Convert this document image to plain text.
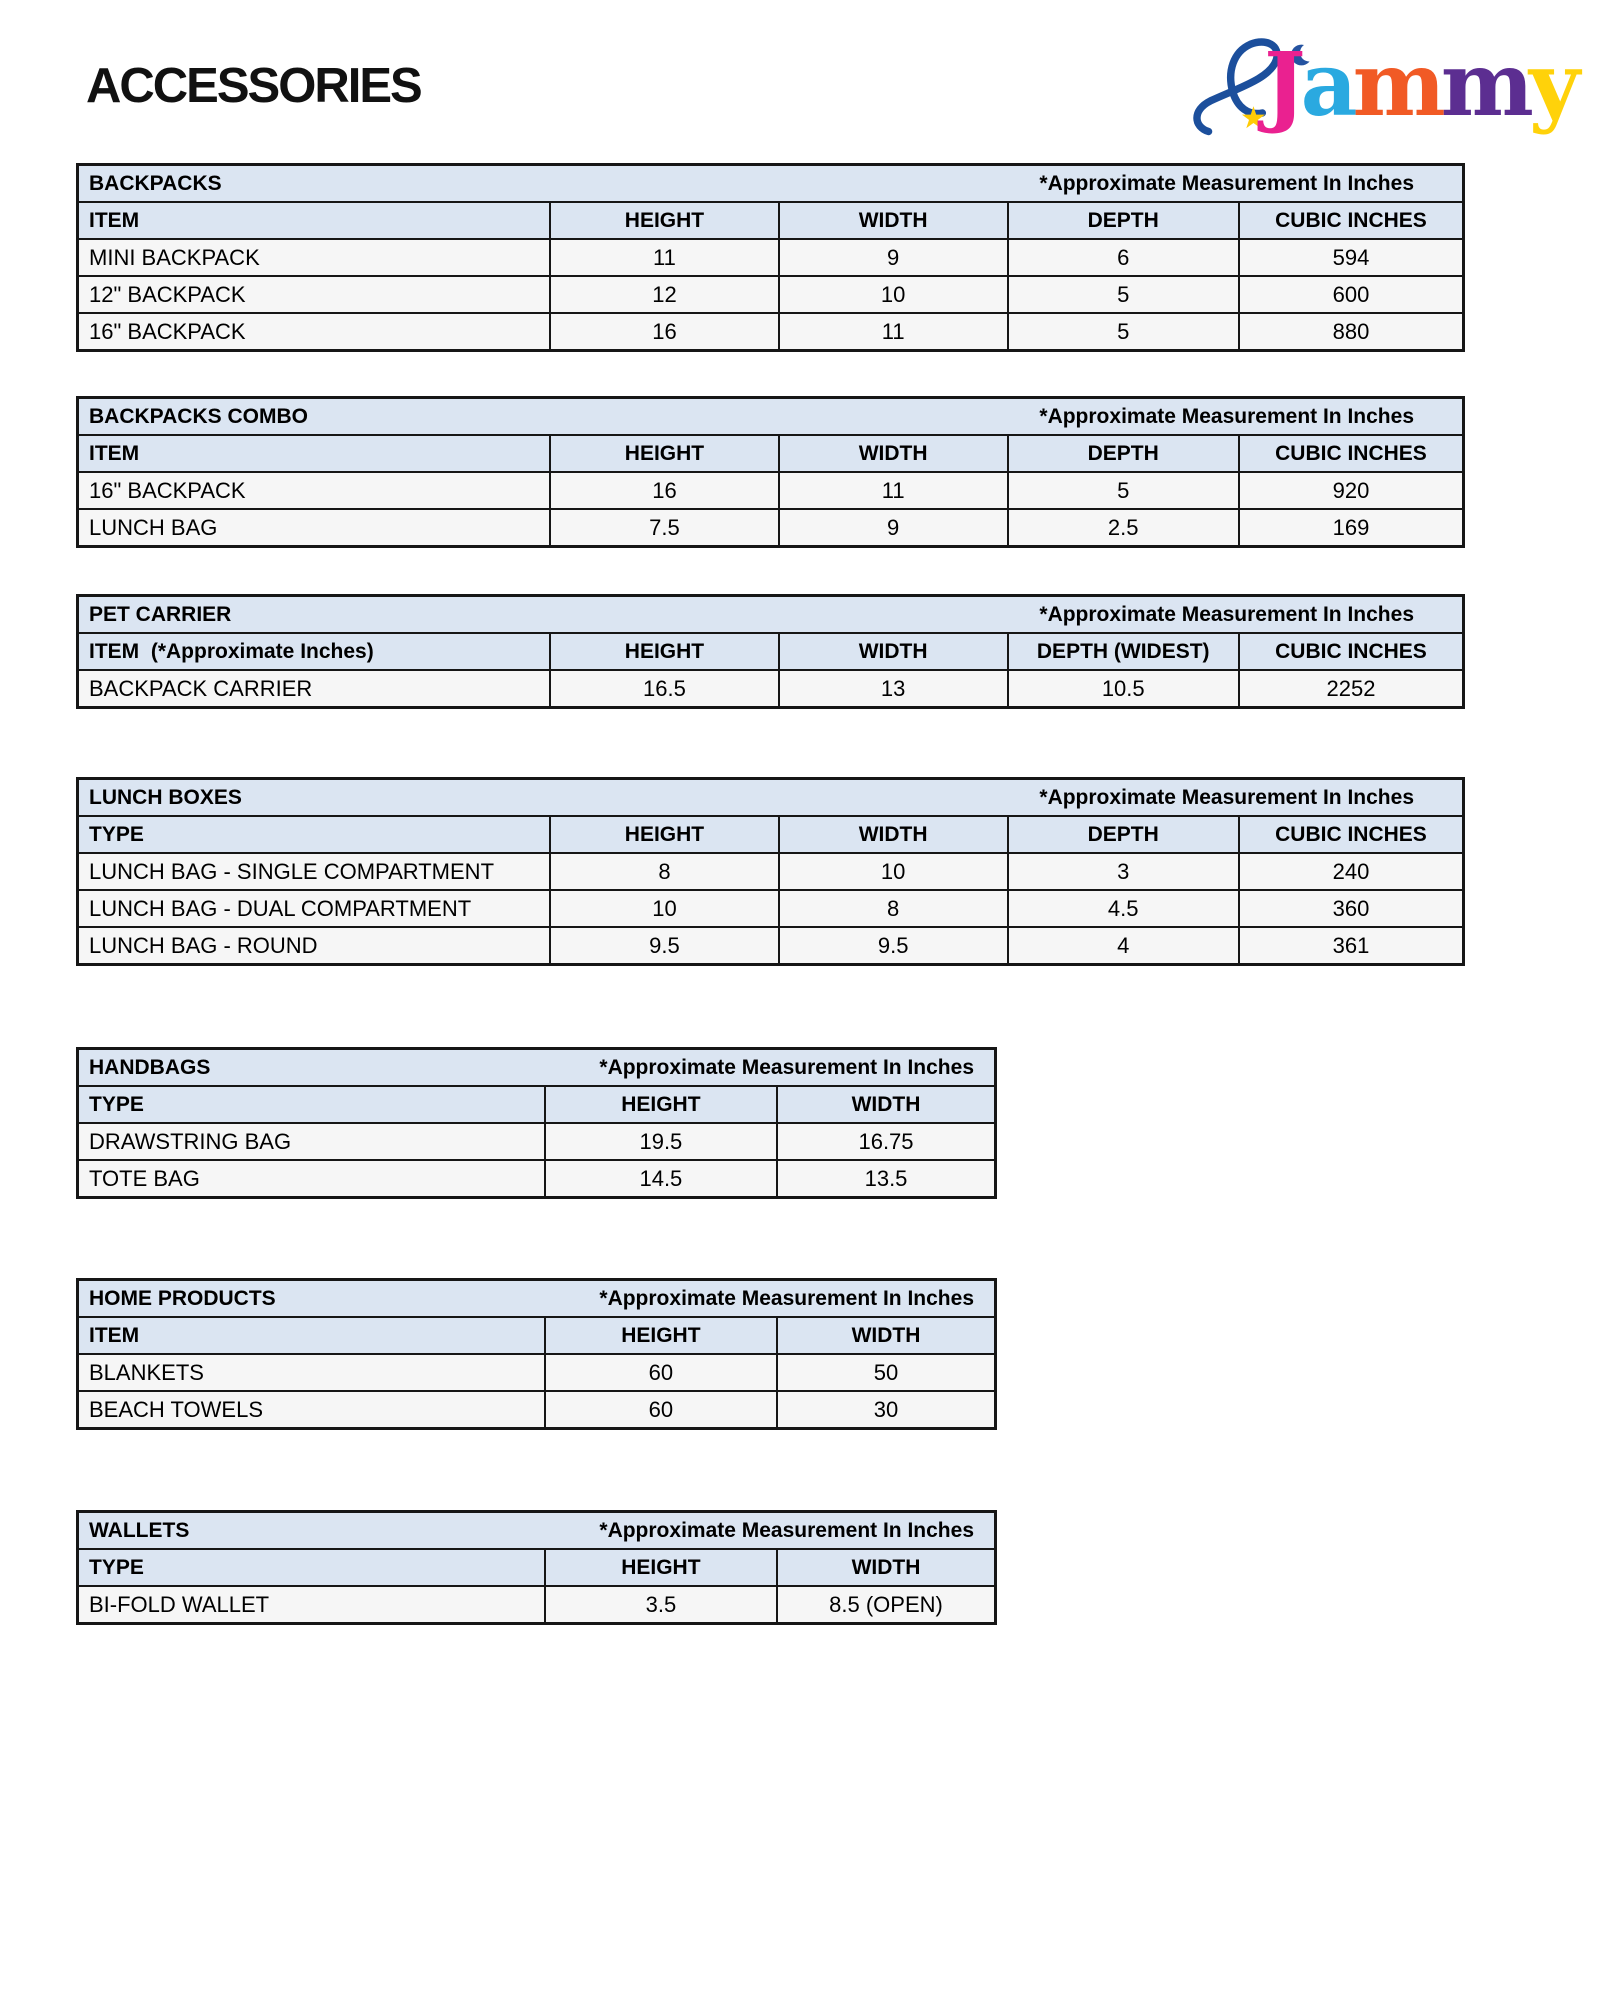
ACCESSORIES
★
Jammy
BACKPACKS *Approximate Measurement In Inches				

ITEM	HEIGHT	WIDTH	DEPTH	CUBIC INCHES
MINI BACKPACK	11	9	6	594
12" BACKPACK	12	10	5	600
16" BACKPACK	16	11	5	880
BACKPACKS COMBO *Approximate Measurement In Inches				

ITEM	HEIGHT	WIDTH	DEPTH	CUBIC INCHES
16" BACKPACK	16	11	5	920
LUNCH BAG	7.5	9	2.5	169
PET CARRIER *Approximate Measurement In Inches				

ITEM  (*Approximate Inches)	HEIGHT	WIDTH	DEPTH (WIDEST)	CUBIC INCHES
BACKPACK CARRIER	16.5	13	10.5	2252
LUNCH BOXES *Approximate Measurement In Inches				

TYPE	HEIGHT	WIDTH	DEPTH	CUBIC INCHES
LUNCH BAG - SINGLE COMPARTMENT	8	10	3	240
LUNCH BAG - DUAL COMPARTMENT	10	8	4.5	360
LUNCH BAG - ROUND	9.5	9.5	4	361
HANDBAGS *Approximate Measurement In Inches		

TYPE	HEIGHT	WIDTH
DRAWSTRING BAG	19.5	16.75
TOTE BAG	14.5	13.5
HOME PRODUCTS *Approximate Measurement In Inches		

ITEM	HEIGHT	WIDTH
BLANKETS	60	50
BEACH TOWELS	60	30
WALLETS *Approximate Measurement In Inches		

TYPE	HEIGHT	WIDTH
BI-FOLD WALLET	3.5	8.5 (OPEN)
